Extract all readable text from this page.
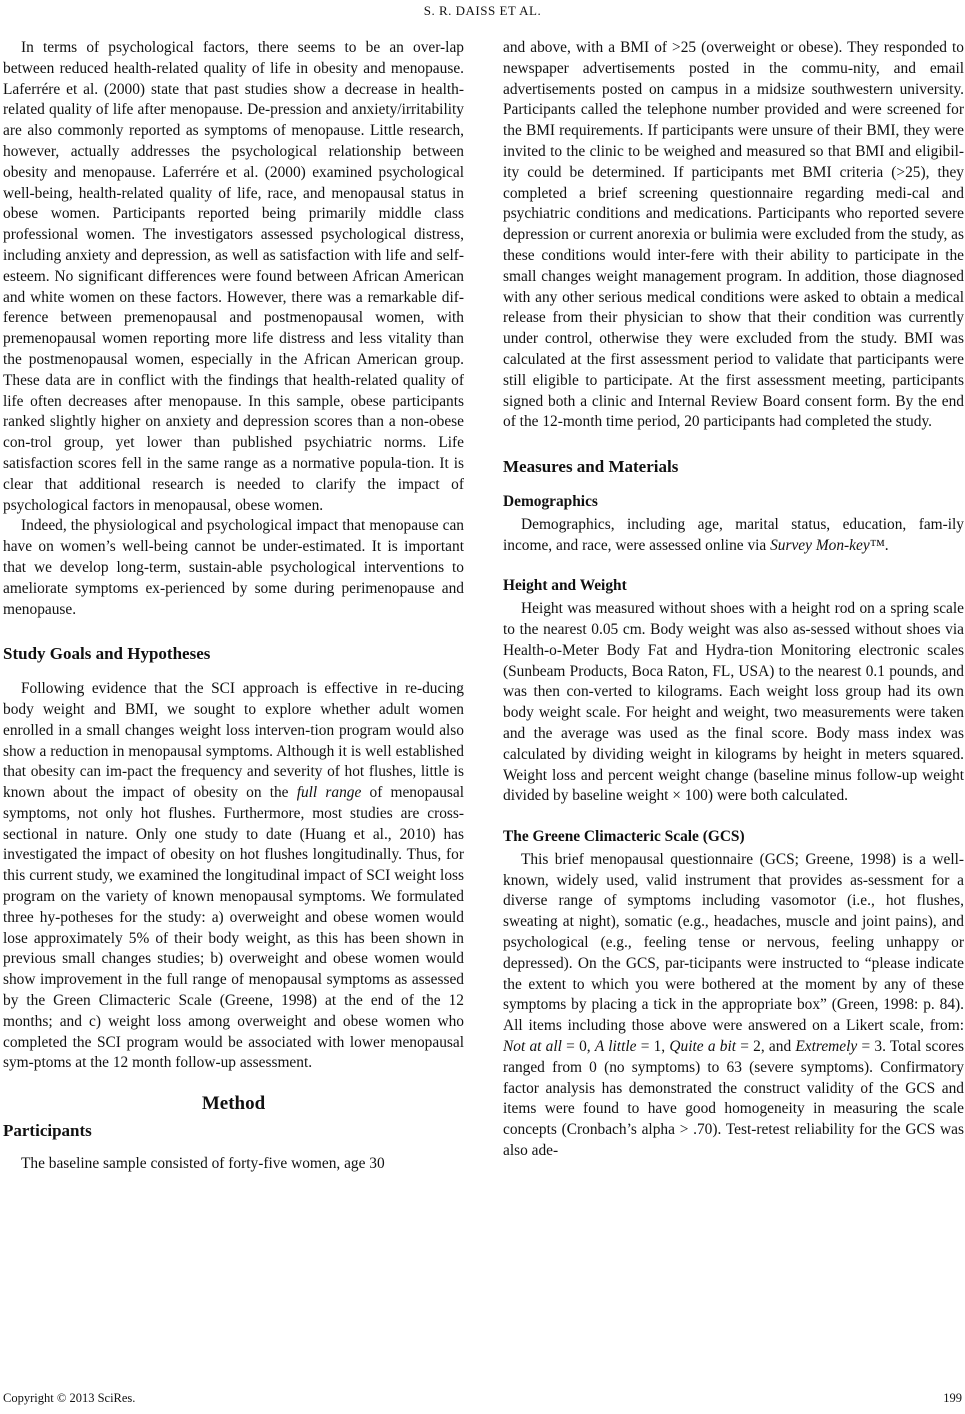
S. R. DAISS ET AL.

In terms of psychological factors, there seems to be an over-lap between reduced health-related quality of life in obesity and menopause. Laferrére et al. (2000) state that past studies show a decrease in health-related quality of life after menopause. De-pression and anxiety/irritability are also commonly reported as symptoms of menopause. Little research, however, actually addresses the psychological relationship between obesity and menopause. Laferrére et al. (2000) examined psychological well-being, health-related quality of life, race, and menopausal status in obese women. Participants reported being primarily middle class professional women. The investigators assessed psychological distress, including anxiety and depression, as well as satisfaction with life and self-esteem. No significant differences were found between African American and white women on these factors. However, there was a remarkable dif-ference between premenopausal and postmenopausal women, with premenopausal women reporting more life distress and less vitality than the postmenopausal women, especially in the African American group. These data are in conflict with the findings that health-related quality of life often decreases after menopause. In this sample, obese participants ranked slightly higher on anxiety and depression scores than a non-obese con-trol group, yet lower than published psychiatric norms. Life satisfaction scores fell in the same range as a normative popula-tion. It is clear that additional research is needed to clarify the impact of psychological factors in menopausal, obese women.

Indeed, the physiological and psychological impact that menopause can have on women’s well-being cannot be under-estimated. It is important that we develop long-term, sustain-able psychological interventions to ameliorate symptoms ex-perienced by some during perimenopause and menopause.

Study Goals and Hypotheses

Following evidence that the SCI approach is effective in re-ducing body weight and BMI, we sought to explore whether adult women enrolled in a small changes weight loss interven-tion program would also show a reduction in menopausal symptoms. Although it is well established that obesity can im-pact the frequency and severity of hot flushes, little is known about the impact of obesity on the full range of menopausal symptoms, not only hot flushes. Furthermore, most studies are cross-sectional in nature. Only one study to date (Huang et al., 2010) has investigated the impact of obesity on hot flushes longitudinally. Thus, for this current study, we examined the longitudinal impact of SCI weight loss program on the variety of known menopausal symptoms. We formulated three hy-potheses for the study: a) overweight and obese women would lose approximately 5% of their body weight, as this has been shown in previous small changes studies; b) overweight and obese women would show improvement in the full range of menopausal symptoms as assessed by the Green Climacteric Scale (Greene, 1998) at the end of the 12 months; and c) weight loss among overweight and obese women who completed the SCI program would be associated with lower menopausal sym-ptoms at the 12 month follow-up assessment.

Method
Participants

The baseline sample consisted of forty-five women, age 30

and above, with a BMI of >25 (overweight or obese). They responded to newspaper advertisements posted in the commu-nity, and email advertisements posted on campus in a midsize southwestern university. Participants called the telephone number provided and were screened for the BMI requirements. If participants were unsure of their BMI, they were invited to the clinic to be weighed and measured so that BMI and eligibil-ity could be determined. If participants met BMI criteria (>25), they completed a brief screening questionnaire regarding medi-cal and psychiatric conditions and medications. Participants who reported severe depression or current anorexia or bulimia were excluded from the study, as these conditions would inter-fere with their ability to participate in the small changes weight management program. In addition, those diagnosed with any other serious medical conditions were asked to obtain a medical release from their physician to show that their condition was currently under control, otherwise they were excluded from the study. BMI was calculated at the first assessment period to validate that participants were still eligible to participate. At the first assessment meeting, participants signed both a clinic and Internal Review Board consent form. By the end of the 12-month time period, 20 participants had completed the study.

Measures and Materials
Demographics

Demographics, including age, marital status, education, fam-ily income, and race, were assessed online via Survey Mon-key™.

Height and Weight

Height was measured without shoes with a height rod on a spring scale to the nearest 0.05 cm. Body weight was also as-sessed without shoes via Health-o-Meter Body Fat and Hydra-tion Monitoring electronic scales (Sunbeam Products, Boca Raton, FL, USA) to the nearest 0.1 pounds, and was then con-verted to kilograms. Each weight loss group had its own body weight scale. For height and weight, two measurements were taken and the average was used as the final score. Body mass index was calculated by dividing weight in kilograms by height in meters squared. Weight loss and percent weight change (baseline minus follow-up weight divided by baseline weight × 100) were both calculated.

The Greene Climacteric Scale (GCS)

This brief menopausal questionnaire (GCS; Greene, 1998) is a well-known, widely used, valid instrument that provides as-sessment for a diverse range of symptoms including vasomotor (i.e., hot flushes, sweating at night), somatic (e.g., headaches, muscle and joint pains), and psychological (e.g., feeling tense or nervous, feeling unhappy or depressed). On the GCS, par-ticipants were instructed to “please indicate the extent to which you were bothered at the moment by any of these symptoms by placing a tick in the appropriate box” (Green, 1998: p. 84). All items including those above were answered on a Likert scale, from: Not at all = 0, A little = 1, Quite a bit = 2, and Extremely = 3. Total scores ranged from 0 (no symptoms) to 63 (severe symptoms). Confirmatory factor analysis has demonstrated the construct validity of the GCS and items were found to have good homogeneity in measuring the scale concepts (Cronbach’s alpha > .70). Test-retest reliability for the GCS was also ade-

Copyright © 2013 SciRes.	199
